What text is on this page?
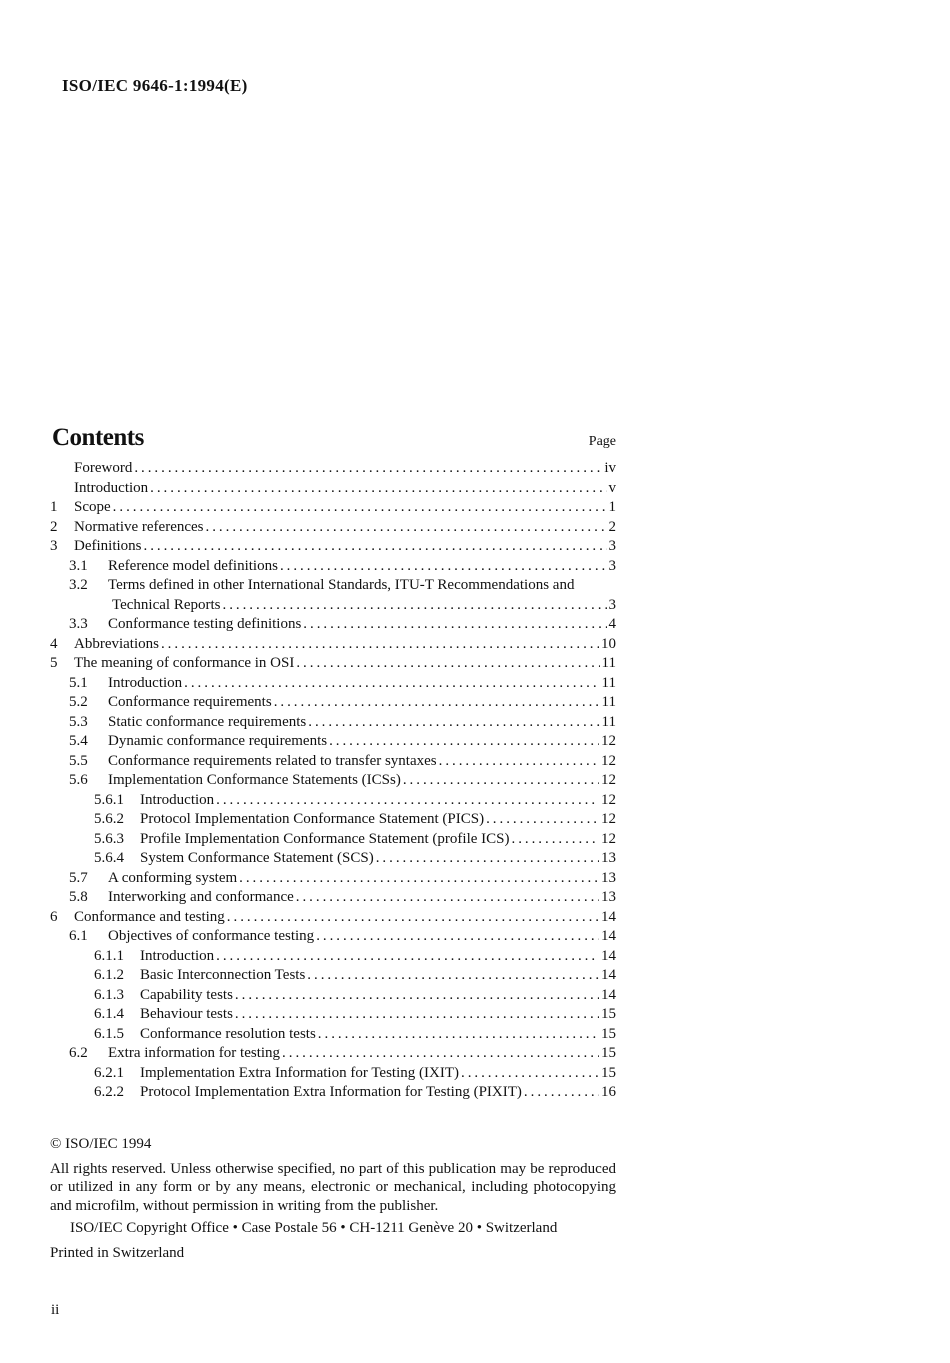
ISO/IEC 9646-1:1994(E)
Contents	Page
Foreword . . .	iv
Introduction . . .	v
1	Scope . . .	1
2	Normative references . . .	2
3	Definitions . . .	3
3.1	Reference model definitions . . .	3
3.2	Terms defined in other International Standards, ITU-T Recommendations and
Technical Reports . . .	3
3.3	Conformance testing definitions . . .	4
4	Abbreviations . . .	10
5	The meaning of conformance in OSI . . .	11
5.1	Introduction . . .	11
5.2	Conformance requirements . . .	11
5.3	Static conformance requirements . . .	11
5.4	Dynamic conformance requirements . . .	12
5.5	Conformance requirements related to transfer syntaxes . . .	12
5.6	Implementation Conformance Statements (ICSs) . . .	12
5.6.1	Introduction . . .	12
5.6.2	Protocol Implementation Conformance Statement (PICS) . . .	12
5.6.3	Profile Implementation Conformance Statement (profile ICS) . . .	12
5.6.4	System Conformance Statement (SCS) . . .	13
5.7	A conforming system . . .	13
5.8	Interworking and conformance . . .	13
6	Conformance and testing . . .	14
6.1	Objectives of conformance testing . . .	14
6.1.1	Introduction . . .	14
6.1.2	Basic Interconnection Tests . . .	14
6.1.3	Capability tests . . .	14
6.1.4	Behaviour tests . . .	15
6.1.5	Conformance resolution tests . . .	15
6.2	Extra information for testing . . .	15
6.2.1	Implementation Extra Information for Testing (IXIT) . . .	15
6.2.2	Protocol Implementation Extra Information for Testing (PIXIT) . . .	16

© ISO/IEC 1994

All rights reserved. Unless otherwise specified, no part of this publication may be reproduced or utilized in any form or by any means, electronic or mechanical, including photocopying and microfilm, without permission in writing from the publisher.

ISO/IEC Copyright Office • Case Postale 56 • CH-1211 Genève 20 • Switzerland

Printed in Switzerland

ii
